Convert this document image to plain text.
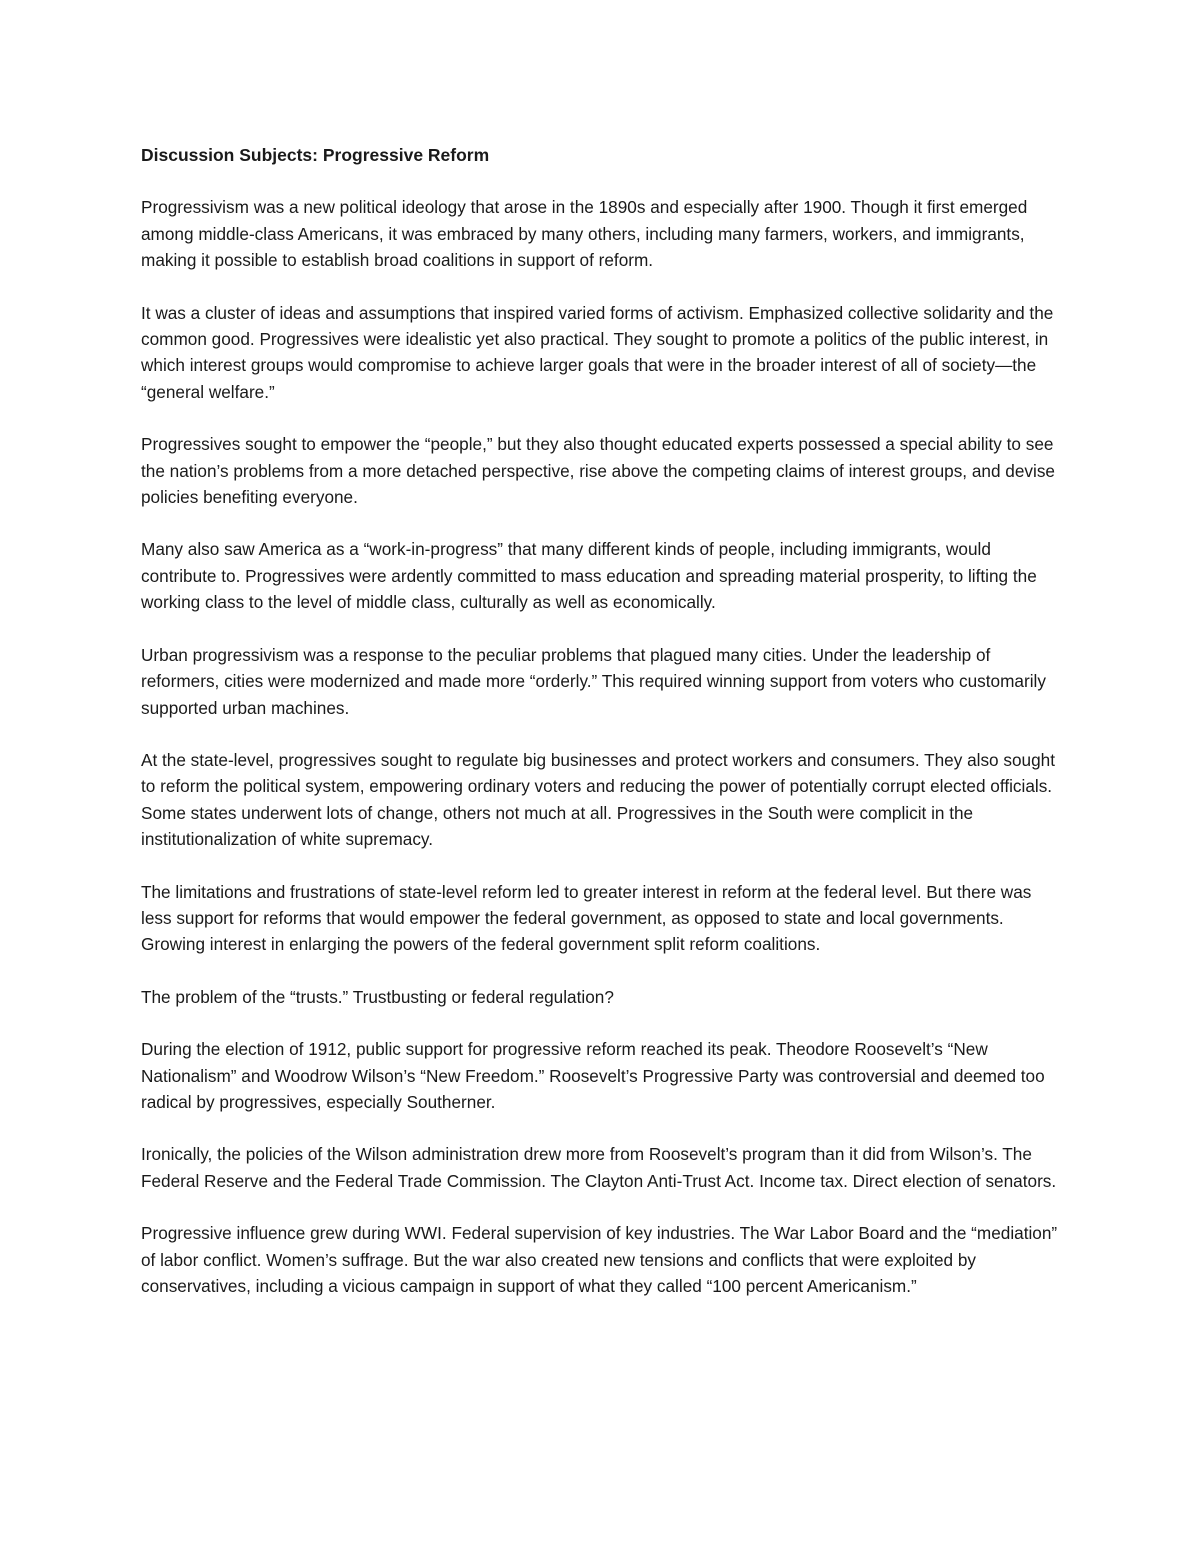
Discussion Subjects: Progressive Reform

Progressivism was a new political ideology that arose in the 1890s and especially after 1900. Though it first emerged among middle-class Americans, it was embraced by many others, including many farmers, workers, and immigrants, making it possible to establish broad coalitions in support of reform.

It was a cluster of ideas and assumptions that inspired varied forms of activism. Emphasized collective solidarity and the common good. Progressives were idealistic yet also practical. They sought to promote a politics of the public interest, in which interest groups would compromise to achieve larger goals that were in the broader interest of all of society—the “general welfare.”

Progressives sought to empower the “people,” but they also thought educated experts possessed a special ability to see the nation’s problems from a more detached perspective, rise above the competing claims of interest groups, and devise policies benefiting everyone.

Many also saw America as a “work-in-progress” that many different kinds of people, including immigrants, would contribute to. Progressives were ardently committed to mass education and spreading material prosperity, to lifting the working class to the level of middle class, culturally as well as economically.

Urban progressivism was a response to the peculiar problems that plagued many cities. Under the leadership of reformers, cities were modernized and made more “orderly.” This required winning support from voters who customarily supported urban machines.

At the state-level, progressives sought to regulate big businesses and protect workers and consumers. They also sought to reform the political system, empowering ordinary voters and reducing the power of potentially corrupt elected officials. Some states underwent lots of change, others not much at all. Progressives in the South were complicit in the institutionalization of white supremacy.

The limitations and frustrations of state-level reform led to greater interest in reform at the federal level. But there was less support for reforms that would empower the federal government, as opposed to state and local governments. Growing interest in enlarging the powers of the federal government split reform coalitions.

The problem of the “trusts.” Trustbusting or federal regulation?

During the election of 1912, public support for progressive reform reached its peak. Theodore Roosevelt’s “New Nationalism” and Woodrow Wilson’s “New Freedom.” Roosevelt’s Progressive Party was controversial and deemed too radical by progressives, especially Southerner.

Ironically, the policies of the Wilson administration drew more from Roosevelt’s program than it did from Wilson’s. The Federal Reserve and the Federal Trade Commission. The Clayton Anti-Trust Act. Income tax. Direct election of senators.

Progressive influence grew during WWI. Federal supervision of key industries. The War Labor Board and the “mediation” of labor conflict. Women’s suffrage. But the war also created new tensions and conflicts that were exploited by conservatives, including a vicious campaign in support of what they called “100 percent Americanism.”
